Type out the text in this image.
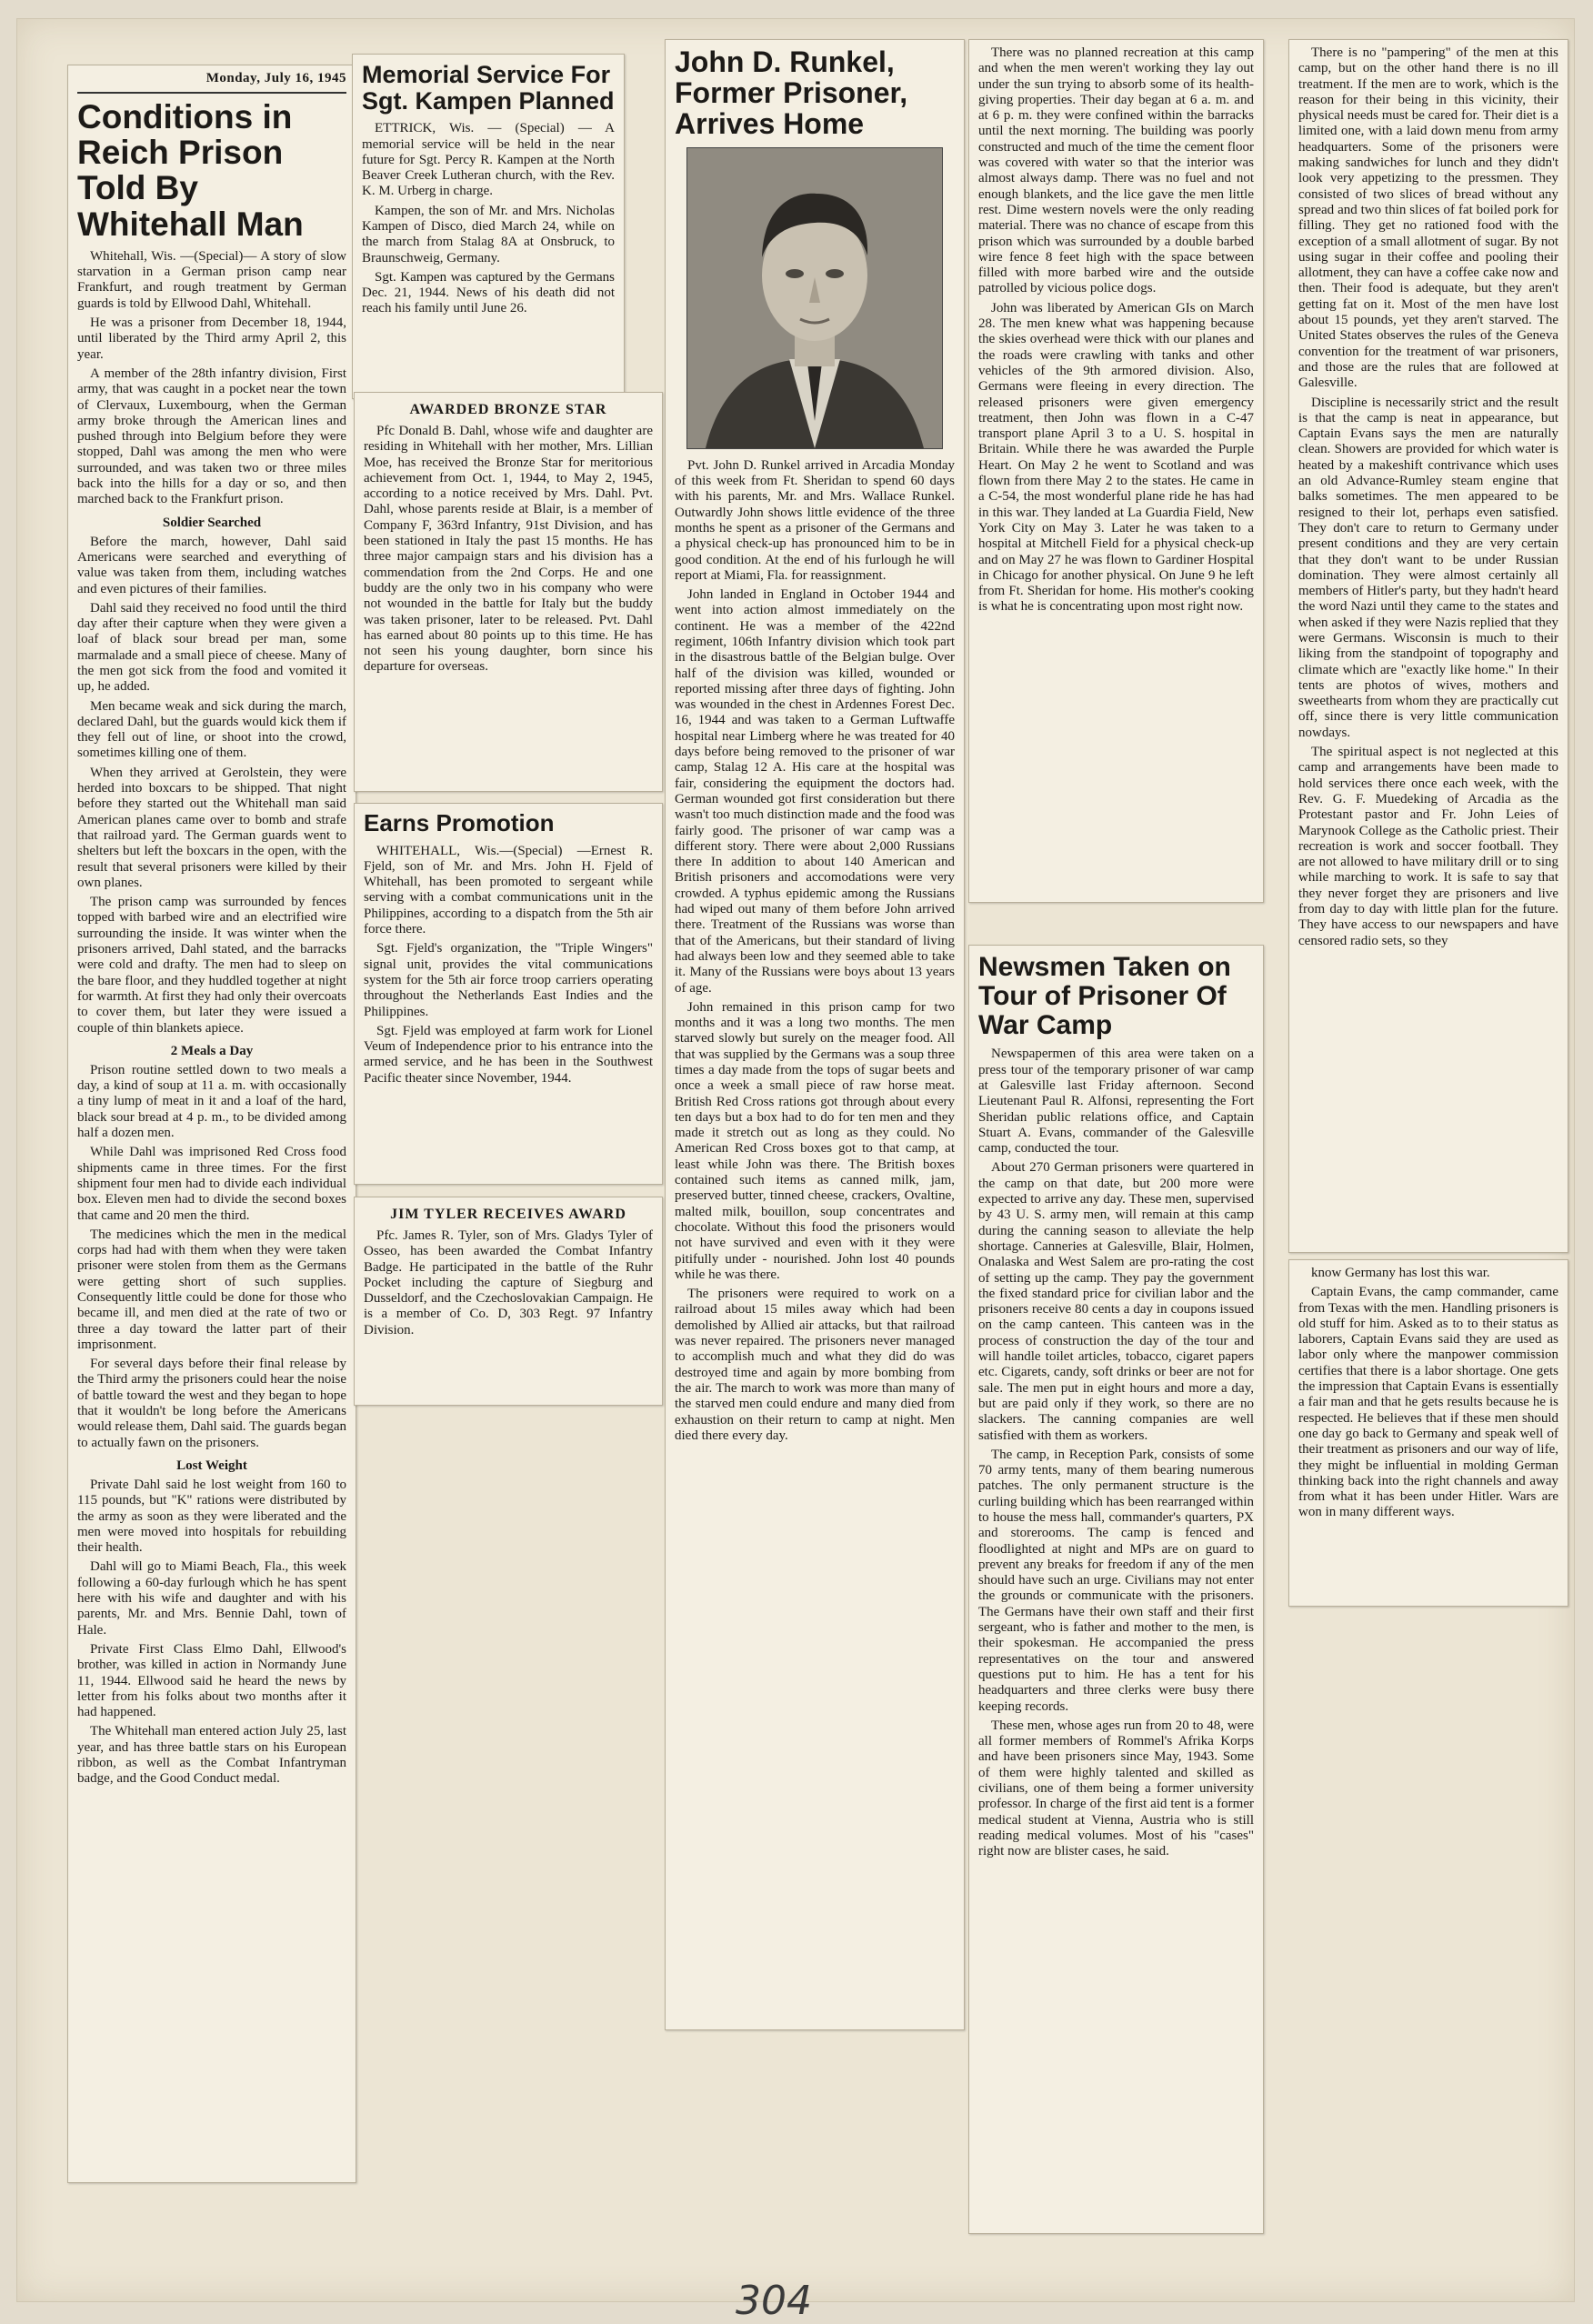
Monday, July 16, 1945
Conditions in Reich Prison Told By Whitehall Man

Whitehall, Wis. —(Special)— A story of slow starvation in a German prison camp near Frankfurt, and rough treatment by German guards is told by Ellwood Dahl, Whitehall.

He was a prisoner from December 18, 1944, until liberated by the Third army April 2, this year.

A member of the 28th infantry division, First army, that was caught in a pocket near the town of Clervaux, Luxembourg, when the German army broke through the American lines and pushed through into Belgium before they were stopped, Dahl was among the men who were surrounded, and was taken two or three miles back into the hills for a day or so, and then marched back to the Frankfurt prison.

Soldier Searched

Before the march, however, Dahl said Americans were searched and everything of value was taken from them, including watches and even pictures of their families.

Dahl said they received no food until the third day after their capture when they were given a loaf of black sour bread per man, some marmalade and a small piece of cheese. Many of the men got sick from the food and vomited it up, he added.

Men became weak and sick during the march, declared Dahl, but the guards would kick them if they fell out of line, or shoot into the crowd, sometimes killing one of them.

When they arrived at Gerolstein, they were herded into boxcars to be shipped. That night before they started out the Whitehall man said American planes came over to bomb and strafe that railroad yard. The German guards went to shelters but left the boxcars in the open, with the result that several prisoners were killed by their own planes.

The prison camp was surrounded by fences topped with barbed wire and an electrified wire surrounding the inside. It was winter when the prisoners arrived, Dahl stated, and the barracks were cold and drafty. The men had to sleep on the bare floor, and they huddled together at night for warmth. At first they had only their overcoats to cover them, but later they were issued a couple of thin blankets apiece.

2 Meals a Day

Prison routine settled down to two meals a day, a kind of soup at 11 a. m. with occasionally a tiny lump of meat in it and a loaf of the hard, black sour bread at 4 p. m., to be divided among half a dozen men.

While Dahl was imprisoned Red Cross food shipments came in three times. For the first shipment four men had to divide each individual box. Eleven men had to divide the second boxes that came and 20 men the third.

The medicines which the men in the medical corps had had with them when they were taken prisoner were stolen from them as the Germans were getting short of such supplies. Consequently little could be done for those who became ill, and men died at the rate of two or three a day toward the latter part of their imprisonment.

For several days before their final release by the Third army the prisoners could hear the noise of battle toward the west and they began to hope that it wouldn't be long before the Americans would release them, Dahl said. The guards began to actually fawn on the prisoners.

Lost Weight

Private Dahl said he lost weight from 160 to 115 pounds, but "K" rations were distributed by the army as soon as they were liberated and the men were moved into hospitals for rebuilding their health.

Dahl will go to Miami Beach, Fla., this week following a 60-day furlough which he has spent here with his wife and daughter and with his parents, Mr. and Mrs. Bennie Dahl, town of Hale.

Private First Class Elmo Dahl, Ellwood's brother, was killed in action in Normandy June 11, 1944. Ellwood said he heard the news by letter from his folks about two months after it had happened.

The Whitehall man entered action July 25, last year, and has three battle stars on his European ribbon, as well as the Combat Infantryman badge, and the Good Conduct medal.

Memorial Service For Sgt. Kampen Planned

ETTRICK, Wis. — (Special) — A memorial service will be held in the near future for Sgt. Percy R. Kampen at the North Beaver Creek Lutheran church, with the Rev. K. M. Urberg in charge.

Kampen, the son of Mr. and Mrs. Nicholas Kampen of Disco, died March 24, while on the march from Stalag 8A at Onsbruck, to Braunschweig, Germany.

Sgt. Kampen was captured by the Germans Dec. 21, 1944. News of his death did not reach his family until June 26.

AWARDED BRONZE STAR

Pfc Donald B. Dahl, whose wife and daughter are residing in Whitehall with her mother, Mrs. Lillian Moe, has received the Bronze Star for meritorious achievement from Oct. 1, 1944, to May 2, 1945, according to a notice received by Mrs. Dahl. Pvt. Dahl, whose parents reside at Blair, is a member of Company F, 363rd Infantry, 91st Division, and has been stationed in Italy the past 15 months. He has three major campaign stars and his division has a commendation from the 2nd Corps. He and one buddy are the only two in his company who were not wounded in the battle for Italy but the buddy was taken prisoner, later to be released. Pvt. Dahl has earned about 80 points up to this time. He has not seen his young daughter, born since his departure for overseas.

Earns Promotion

WHITEHALL, Wis.—(Special) —Ernest R. Fjeld, son of Mr. and Mrs. John H. Fjeld of Whitehall, has been promoted to sergeant while serving with a combat communications unit in the Philippines, according to a dispatch from the 5th air force there.

Sgt. Fjeld's organization, the "Triple Wingers" signal unit, provides the vital communications system for the 5th air force troop carriers operating throughout the Netherlands East Indies and the Philippines.

Sgt. Fjeld was employed at farm work for Lionel Veum of Independence prior to his entrance into the armed service, and he has been in the Southwest Pacific theater since November, 1944.

JIM TYLER RECEIVES AWARD

Pfc. James R. Tyler, son of Mrs. Gladys Tyler of Osseo, has been awarded the Combat Infantry Badge. He participated in the battle of the Ruhr Pocket including the capture of Siegburg and Dusseldorf, and the Czechoslovakian Campaign. He is a member of Co. D, 303 Regt. 97 Infantry Division.

John D. Runkel, Former Prisoner, Arrives Home

Pvt. John D. Runkel arrived in Arcadia Monday of this week from Ft. Sheridan to spend 60 days with his parents, Mr. and Mrs. Wallace Runkel. Outwardly John shows little evidence of the three months he spent as a prisoner of the Germans and a physical check-up has pronounced him to be in good condition. At the end of his furlough he will report at Miami, Fla. for reassignment.

John landed in England in October 1944 and went into action almost immediately on the continent. He was a member of the 422nd regiment, 106th Infantry division which took part in the disastrous battle of the Belgian bulge. Over half of the division was killed, wounded or reported missing after three days of fighting. John was wounded in the chest in Ardennes Forest Dec. 16, 1944 and was taken to a German Luftwaffe hospital near Limberg where he was treated for 40 days before being removed to the prisoner of war camp, Stalag 12 A. His care at the hospital was fair, considering the equipment the doctors had. German wounded got first consideration but there wasn't too much distinction made and the food was fairly good. The prisoner of war camp was a different story. There were about 2,000 Russians there In addition to about 140 American and British prisoners and accomodations were very crowded. A typhus epidemic among the Russians had wiped out many of them before John arrived there. Treatment of the Russians was worse than that of the Americans, but their standard of living had always been low and they seemed able to take it. Many of the Russians were boys about 13 years of age.

John remained in this prison camp for two months and it was a long two months. The men starved slowly but surely on the meager food. All that was supplied by the Germans was a soup three times a day made from the tops of sugar beets and once a week a small piece of raw horse meat. British Red Cross rations got through about every ten days but a box had to do for ten men and they made it stretch out as long as they could. No American Red Cross boxes got to that camp, at least while John was there. The British boxes contained such items as canned milk, jam, preserved butter, tinned cheese, crackers, Ovaltine, malted milk, bouillon, soup concentrates and chocolate. Without this food the prisoners would not have survived and even with it they were pitifully under - nourished. John lost 40 pounds while he was there.

The prisoners were required to work on a railroad about 15 miles away which had been demolished by Allied air attacks, but that railroad was never repaired. The prisoners never managed to accomplish much and what they did do was destroyed time and again by more bombing from the air. The march to work was more than many of the starved men could endure and many died from exhaustion on their return to camp at night. Men died there every day.

There was no planned recreation at this camp and when the men weren't working they lay out under the sun trying to absorb some of its health-giving properties. Their day began at 6 a. m. and at 6 p. m. they were confined within the barracks until the next morning. The building was poorly constructed and much of the time the cement floor was covered with water so that the interior was almost always damp. There was no fuel and not enough blankets, and the lice gave the men little rest. Dime western novels were the only reading material. There was no chance of escape from this prison which was surrounded by a double barbed wire fence 8 feet high with the space between filled with more barbed wire and the outside patrolled by vicious police dogs.

John was liberated by American GIs on March 28. The men knew what was happening because the skies overhead were thick with our planes and the roads were crawling with tanks and other vehicles of the 9th armored division. Also, Germans were fleeing in every direction. The released prisoners were given emergency treatment, then John was flown in a C-47 transport plane April 3 to a U. S. hospital in Britain. While there he was awarded the Purple Heart. On May 2 he went to Scotland and was flown from there May 2 to the states. He came in a C-54, the most wonderful plane ride he has had in this war. They landed at La Guardia Field, New York City on May 3. Later he was taken to a hospital at Mitchell Field for a physical check-up and on May 27 he was flown to Gardiner Hospital in Chicago for another physical. On June 9 he left from Ft. Sheridan for home. His mother's cooking is what he is concentrating upon most right now.

Newsmen Taken on Tour of Prisoner Of War Camp

Newspapermen of this area were taken on a press tour of the temporary prisoner of war camp at Galesville last Friday afternoon. Second Lieutenant Paul R. Alfonsi, representing the Fort Sheridan public relations office, and Captain Stuart A. Evans, commander of the Galesville camp, conducted the tour.

About 270 German prisoners were quartered in the camp on that date, but 200 more were expected to arrive any day. These men, supervised by 43 U. S. army men, will remain at this camp during the canning season to alleviate the help shortage. Canneries at Galesville, Blair, Holmen, Onalaska and West Salem are pro-rating the cost of setting up the camp. They pay the government the fixed standard price for civilian labor and the prisoners receive 80 cents a day in coupons issued on the camp canteen. This canteen was in the process of construction the day of the tour and will handle toilet articles, tobacco, cigaret papers etc. Cigarets, candy, soft drinks or beer are not for sale. The men put in eight hours and more a day, but are paid only if they work, so there are no slackers. The canning companies are well satisfied with them as workers.

The camp, in Reception Park, consists of some 70 army tents, many of them bearing numerous patches. The only permanent structure is the curling building which has been rearranged within to house the mess hall, commander's quarters, PX and storerooms. The camp is fenced and floodlighted at night and MPs are on guard to prevent any breaks for freedom if any of the men should have such an urge. Civilians may not enter the grounds or communicate with the prisoners. The Germans have their own staff and their first sergeant, who is father and mother to the men, is their spokesman. He accompanied the press representatives on the tour and answered questions put to him. He has a tent for his headquarters and three clerks were busy there keeping records.

These men, whose ages run from 20 to 48, were all former members of Rommel's Afrika Korps and have been prisoners since May, 1943. Some of them were highly talented and skilled as civilians, one of them being a former university professor. In charge of the first aid tent is a former medical student at Vienna, Austria who is still reading medical volumes. Most of his "cases" right now are blister cases, he said.

There is no "pampering" of the men at this camp, but on the other hand there is no ill treatment. If the men are to work, which is the reason for their being in this vicinity, their physical needs must be cared for. Their diet is a limited one, with a laid down menu from army headquarters. Some of the prisoners were making sandwiches for lunch and they didn't look very appetizing to the pressmen. They consisted of two slices of bread without any spread and two thin slices of fat boiled pork for filling. They get no rationed food with the exception of a small allotment of sugar. By not using sugar in their coffee and pooling their allotment, they can have a coffee cake now and then. Their food is adequate, but they aren't getting fat on it. Most of the men have lost about 15 pounds, yet they aren't starved. The United States observes the rules of the Geneva convention for the treatment of war prisoners, and those are the rules that are followed at Galesville.

Discipline is necessarily strict and the result is that the camp is neat in appearance, but Captain Evans says the men are naturally clean. Showers are provided for which water is heated by a makeshift contrivance which uses an old Advance-Rumley steam engine that balks sometimes. The men appeared to be resigned to their lot, perhaps even satisfied. They don't care to return to Germany under present conditions and they are very certain that they don't want to be under Russian domination. They were almost certainly all members of Hitler's party, but they hadn't heard the word Nazi until they came to the states and when asked if they were Nazis replied that they were Germans. Wisconsin is much to their liking from the standpoint of topography and climate which are "exactly like home." In their tents are photos of wives, mothers and sweethearts from whom they are practically cut off, since there is very little communication nowdays.

The spiritual aspect is not neglected at this camp and arrangements have been made to hold services there once each week, with the Rev. G. F. Muedeking of Arcadia as the Protestant pastor and Fr. John Leies of Marynook College as the Catholic priest. Their recreation is work and soccer football. They are not allowed to have military drill or to sing while marching to work. It is safe to say that they never forget they are prisoners and live from day to day with little plan for the future. They have access to our newspapers and have censored radio sets, so they

know Germany has lost this war.

Captain Evans, the camp commander, came from Texas with the men. Handling prisoners is old stuff for him. Asked as to to their status as laborers, Captain Evans said they are used as labor only where the manpower commission certifies that there is a labor shortage. One gets the impression that Captain Evans is essentially a fair man and that he gets results because he is respected. He believes that if these men should one day go back to Germany and speak well of their treatment as prisoners and our way of life, they might be influential in molding German thinking back into the right channels and away from what it has been under Hitler. Wars are won in many different ways.

304
